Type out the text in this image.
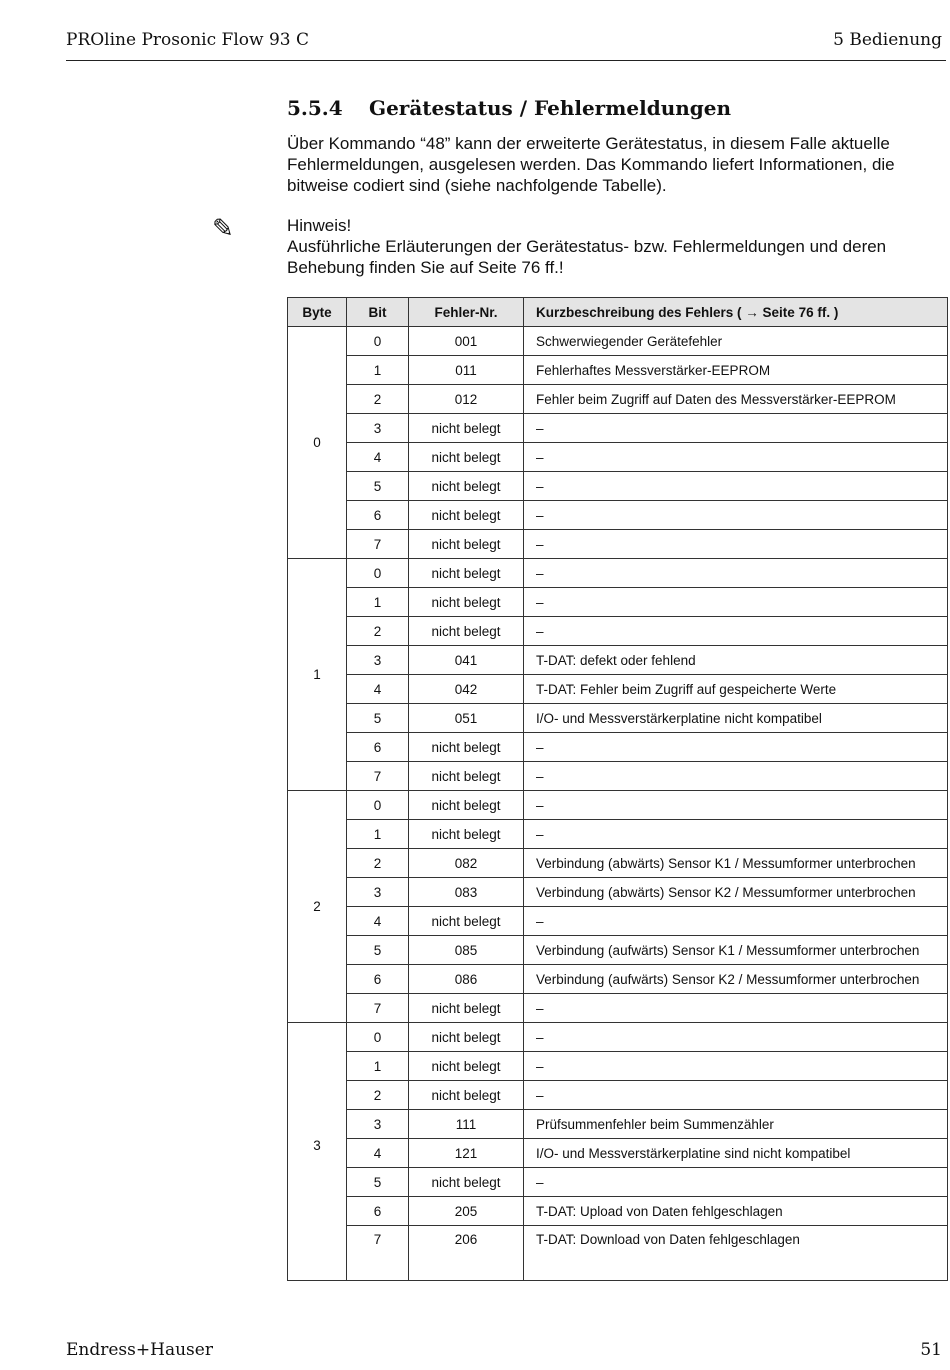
PROline Prosonic Flow 93 C	5 Bedienung
5.5.4 Gerätestatus / Fehlermeldungen
Über Kommando “48” kann der erweiterte Gerätestatus, in diesem Falle aktuelle Fehlermeldungen, ausgelesen werden. Das Kommando liefert Informationen, die bitweise codiert sind (siehe nachfolgende Tabelle).
✎	Hinweis!
Ausführliche Erläuterungen der Gerätestatus- bzw. Fehlermeldungen und deren Behebung finden Sie auf Seite 76 ff.!
Byte	Bit	Fehler-Nr.	Kurzbeschreibung des Fehlers ( → Seite 76 ff. )
0	0	001	Schwerwiegender Gerätefehler
	1	011	Fehlerhaftes Messverstärker-EEPROM
	2	012	Fehler beim Zugriff auf Daten des Messverstärker-EEPROM
	3	nicht belegt	–
	4	nicht belegt	–
	5	nicht belegt	–
	6	nicht belegt	–
	7	nicht belegt	–
1	0	nicht belegt	–
	1	nicht belegt	–
	2	nicht belegt	–
	3	041	T-DAT: defekt oder fehlend
	4	042	T-DAT: Fehler beim Zugriff auf gespeicherte Werte
	5	051	I/O- und Messverstärkerplatine nicht kompatibel
	6	nicht belegt	–
	7	nicht belegt	–
2	0	nicht belegt	–
	1	nicht belegt	–
	2	082	Verbindung (abwärts) Sensor K1 / Messumformer unterbrochen
	3	083	Verbindung (abwärts) Sensor K2 / Messumformer unterbrochen
	4	nicht belegt	–
	5	085	Verbindung (aufwärts) Sensor K1 / Messumformer unterbrochen
	6	086	Verbindung (aufwärts) Sensor K2 / Messumformer unterbrochen
	7	nicht belegt	–
3	0	nicht belegt	–
	1	nicht belegt	–
	2	nicht belegt	–
	3	111	Prüfsummenfehler beim Summenzähler
	4	121	I/O- und Messverstärkerplatine sind nicht kompatibel
	5	nicht belegt	–
	6	205	T-DAT: Upload von Daten fehlgeschlagen
	7	206	T-DAT: Download von Daten fehlgeschlagen
Endress+Hauser	51
